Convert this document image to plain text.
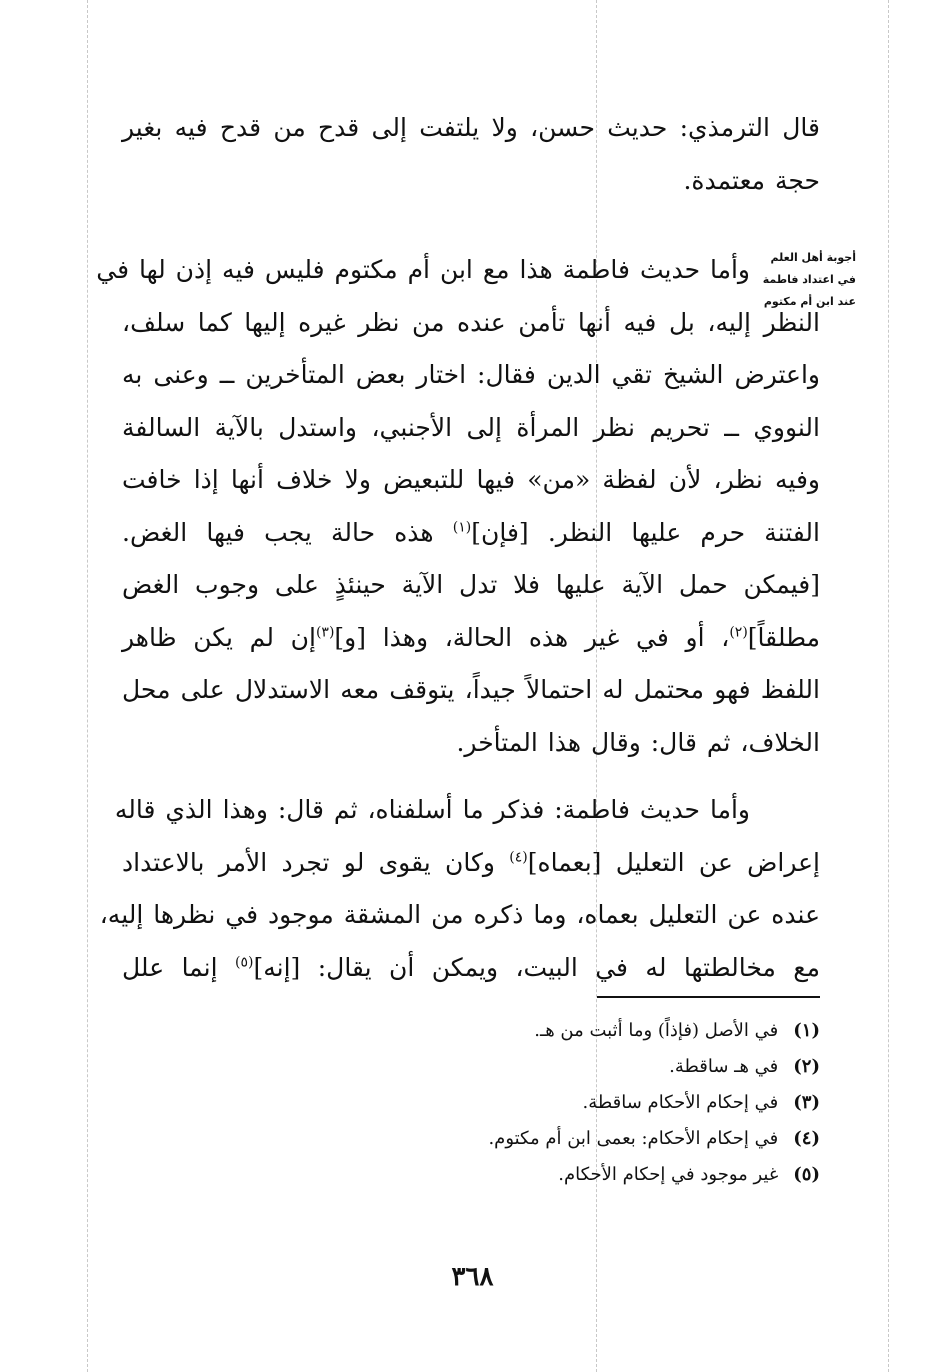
قال الترمذي: حديث حسن، ولا يلتفت إلى قدح من قدح فيه بغير
حجة معتمدة.
أجوبة أهل العلم
في اعتداد فاطمة
عند ابن أم مكتوم
وأما حديث فاطمة هذا مع ابن أم مكتوم فليس فيه إذن لها في
النظر إليه، بل فيه أنها تأمن عنده من نظر غيره إليها كما سلف،
واعترض الشيخ تقي الدين فقال: اختار بعض المتأخرين ــ وعنى به
النووي ــ تحريم نظر المرأة إلى الأجنبي، واستدل بالآية السالفة
وفيه نظر، لأن لفظة «من» فيها للتبعيض ولا خلاف أنها إذا خافت
الفتنة حرم عليها النظر. [فإن]$^{(١)}$ هذه حالة يجب فيها الغض.
[فيمكن حمل الآية عليها فلا تدل الآية حينئذٍ على وجوب الغض
مطلقاً]$^{(٢)}$، أو في غير هذه الحالة، وهذا [و]$^{(٣)}$إن لم يكن ظاهر
اللفظ فهو محتمل له احتمالاً جيداً، يتوقف معه الاستدلال على محل
الخلاف، ثم قال: وقال هذا المتأخر.
وأما حديث فاطمة: فذكر ما أسلفناه، ثم قال: وهذا الذي قاله
إعراض عن التعليل [بعماه]$^{(٤)}$ وكان يقوى لو تجرد الأمر بالاعتداد
عنده عن التعليل بعماه، وما ذكره من المشقة موجود في نظرها إليه،
مع مخالطتها له في البيت، ويمكن أن يقال: [إنه]$^{(٥)}$ إنما علل
(١) في الأصل (فإذاً) وما أثبت من هـ.
(٢) في هـ ساقطة.
(٣) في إحكام الأحكام ساقطة.
(٤) في إحكام الأحكام: بعمى ابن أم مكتوم.
(٥) غير موجود في إحكام الأحكام.
٣٦٨
